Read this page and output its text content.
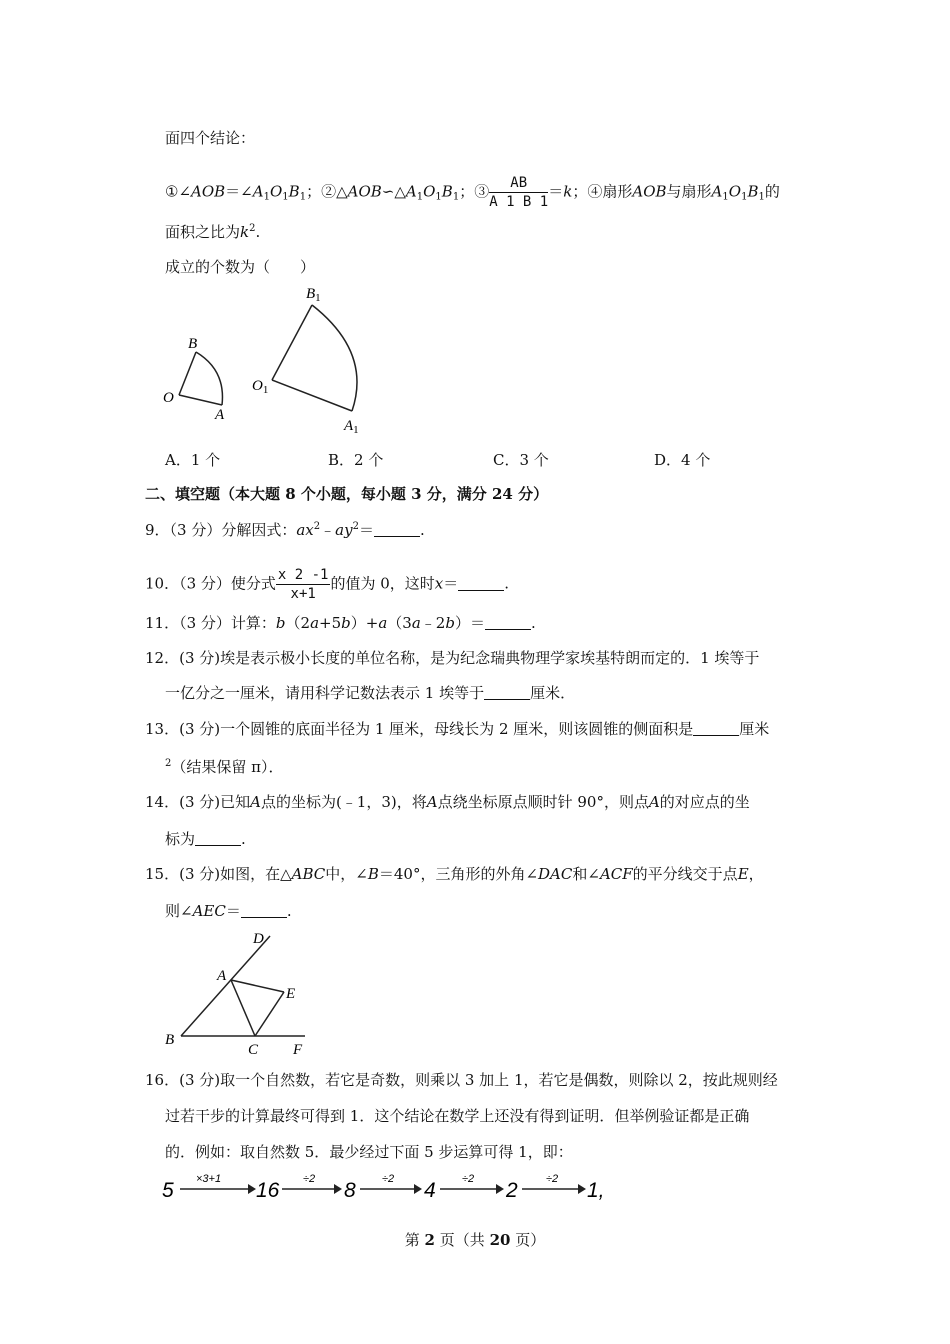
面四个结论：
$①\angle AOB=\angle A_1O_1B_1$；$②\triangle AOB∽\triangle A_1O_1B_1$；③ $\frac{AB}{A 1 B 1} =k$；④扇形AOB与扇形$A_1O_1B_1$的
面积之比为$k^2$.
成立的个数为（　　）
B
O
A
$B_1$
$O_1$
$A_1$
A．1 个	B．2 个	C．3 个	D．4 个
二、填空题（本大题 8 个小题，每小题 3 分，满分 24 分）
9．（3 分）分解因式：$ax^2﹣ay^2=$	.
10．（3 分）使分式 $\frac{x 2 -1}{x+1}$ 的值为 0，这时x＝	.
11．（3 分）计算：b（2a+5b）+a（3a﹣2b）＝	.
12．(3 分)埃是表示极小长度的单位名称，是为纪念瑞典物理学家埃基特朗而定的．1 埃等于
一亿分之一厘米，请用科学记数法表示 1 埃等于	厘米．
13．(3 分)一个圆锥的底面半径为 1 厘米，母线长为 2 厘米，则该圆锥的侧面积是	厘米
$^2$（结果保留 π）．
14．(3 分)已知A点的坐标为(﹣1，3)，将A点绕坐标原点顺时针 90°，则点A的对应点的坐
标为	.
15．(3 分)如图，在△ABC中，∠B＝40°，三角形的外角∠DAC和∠ACF的平分线交于点E，
则∠AEC＝	.
D
A
E
B
C F
16．(3 分)取一个自然数，若它是奇数，则乘以 3 加上 1，若它是偶数，则除以 2，按此规则经
过若干步的计算最终可得到 1．这个结论在数学上还没有得到证明．但举例验证都是正确
的．例如：取自然数 5．最少经过下面 5 步运算可得 1，即：
5 ×3+1 16 ÷2 8 ÷2 4 ÷2 2	÷2 1,
第 2 页（共 20 页）
